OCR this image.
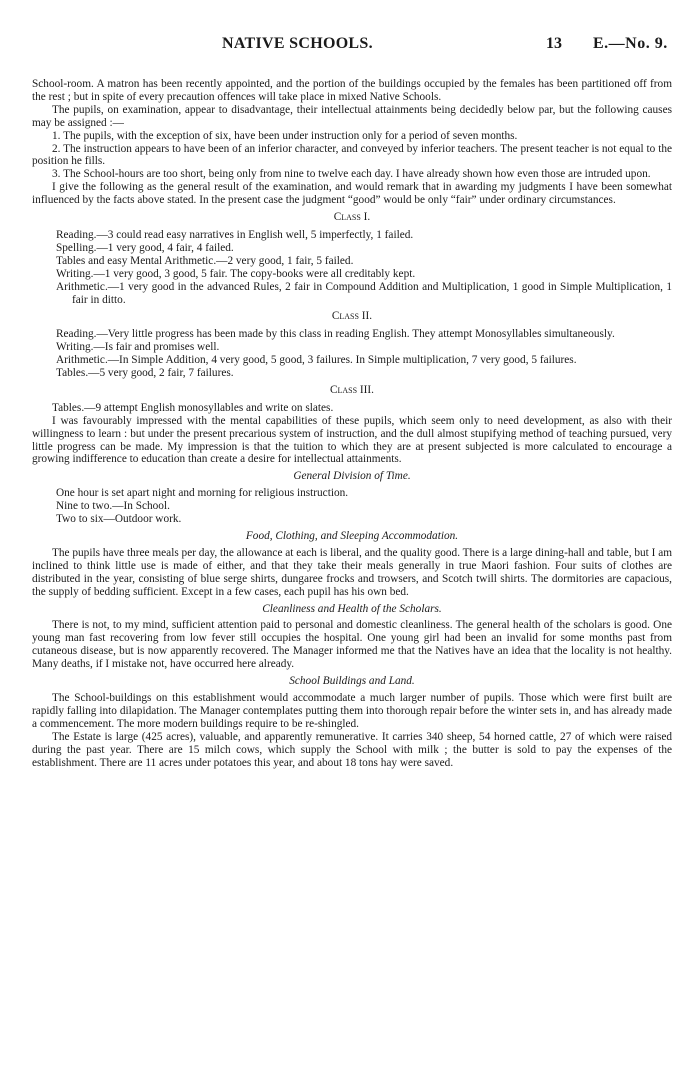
NATIVE SCHOOLS.	13 E.—No. 9.

School-room. A matron has been recently appointed, and the portion of the buildings occupied by the females has been partitioned off from the rest ; but in spite of every precaution offences will take place in mixed Native Schools.

The pupils, on examination, appear to disadvantage, their intellectual attainments being decidedly below par, but the following causes may be assigned :—

1. The pupils, with the exception of six, have been under instruction only for a period of seven months.

2. The instruction appears to have been of an inferior character, and conveyed by inferior teachers. The present teacher is not equal to the position he fills.

3. The School-hours are too short, being only from nine to twelve each day. I have already shown how even those are intruded upon.

I give the following as the general result of the examination, and would remark that in awarding my judgments I have been somewhat influenced by the facts above stated. In the present case the judgment “good” would be only “fair” under ordinary circumstances.

Class I.

Reading.—3 could read easy narratives in English well, 5 imperfectly, 1 failed.

Spelling.—1 very good, 4 fair, 4 failed.

Tables and easy Mental Arithmetic.—2 very good, 1 fair, 5 failed.

Writing.—1 very good, 3 good, 5 fair. The copy-books were all creditably kept.

Arithmetic.—1 very good in the advanced Rules, 2 fair in Compound Addition and Multiplication, 1 good in Simple Multiplication, 1 fair in ditto.

Class II.

Reading.—Very little progress has been made by this class in reading English. They attempt Monosyllables simultaneously.

Writing.—Is fair and promises well.

Arithmetic.—In Simple Addition, 4 very good, 5 good, 3 failures. In Simple multiplication, 7 very good, 5 failures.

Tables.—5 very good, 2 fair, 7 failures.

Class III.

Tables.—9 attempt English monosyllables and write on slates.

I was favourably impressed with the mental capabilities of these pupils, which seem only to need development, as also with their willingness to learn : but under the present precarious system of instruction, and the dull almost stupifying method of teaching pursued, very little progress can be made. My impression is that the tuition to which they are at present subjected is more calculated to encourage a growing indifference to education than create a desire for intellectual attainments.

General Division of Time.

One hour is set apart night and morning for religious instruction.

Nine to two.—In School.

Two to six—Outdoor work.

Food, Clothing, and Sleeping Accommodation.

The pupils have three meals per day, the allowance at each is liberal, and the quality good. There is a large dining-hall and table, but I am inclined to think little use is made of either, and that they take their meals generally in true Maori fashion. Four suits of clothes are distributed in the year, consisting of blue serge shirts, dungaree frocks and trowsers, and Scotch twill shirts. The dormitories are capacious, the supply of bedding sufficient. Except in a few cases, each pupil has his own bed.

Cleanliness and Health of the Scholars.

There is not, to my mind, sufficient attention paid to personal and domestic cleanliness. The general health of the scholars is good. One young man fast recovering from low fever still occupies the hospital. One young girl had been an invalid for some months past from cutaneous disease, but is now apparently recovered. The Manager informed me that the Natives have an idea that the locality is not healthy. Many deaths, if I mistake not, have occurred here already.

School Buildings and Land.

The School-buildings on this establishment would accommodate a much larger number of pupils. Those which were first built are rapidly falling into dilapidation. The Manager contemplates putting them into thorough repair before the winter sets in, and has already made a commencement. The more modern buildings require to be re-shingled.

The Estate is large (425 acres), valuable, and apparently remunerative. It carries 340 sheep, 54 horned cattle, 27 of which were raised during the past year. There are 15 milch cows, which supply the School with milk ; the butter is sold to pay the expenses of the establishment. There are 11 acres under potatoes this year, and about 18 tons hay were saved.
